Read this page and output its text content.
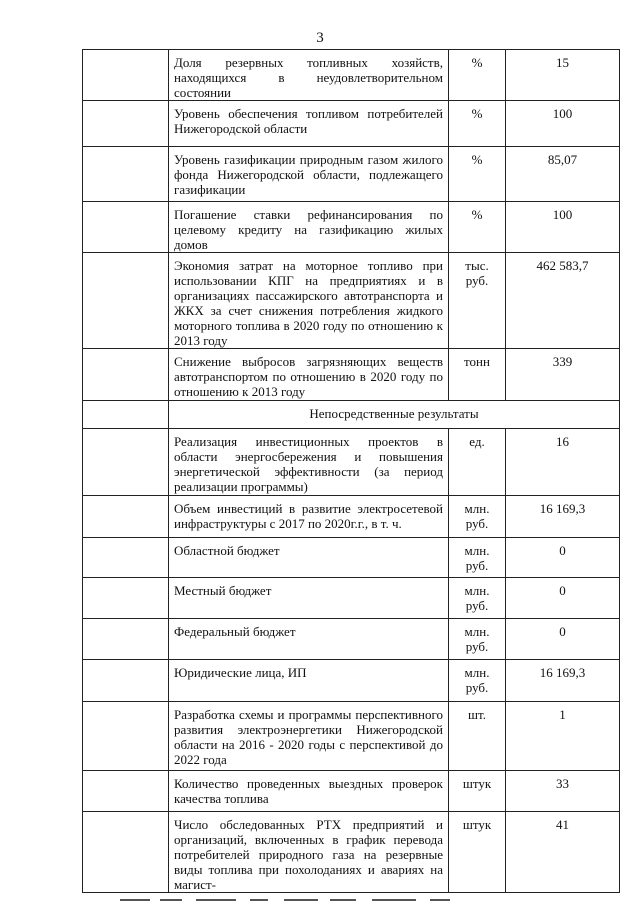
3
	Доля резервных топливных хозяйств, находящихся в неудовлетворительном состоянии	%	15
	Уровень обеспечения топливом потребителей Нижегородской области	%	100
	Уровень газификации природным газом жилого фонда Нижегородской области, подлежащего газификации	%	85,07
	Погашение ставки рефинансирования по целевому кредиту на газификацию жилых домов	%	100
	Экономия затрат на моторное топливо при использовании КПГ на предприятиях и в организациях пассажирского автотранспорта и ЖКХ за счет снижения потребления жидкого моторного топлива в 2020 году по отношению к 2013 году	тыс. руб.	462 583,7
	Снижение выбросов загрязняющих веществ автотранспортом по отношению в 2020 году по отношению к 2013 году	тонн	339
	Непосредственные результаты		
	Реализация инвестиционных проектов в области энергосбережения и повышения энергетической эффективности (за период реализации программы)	ед.	16
	Объем инвестиций в развитие электросетевой инфраструктуры с 2017 по 2020г.г., в т. ч.	млн. руб.	16 169,3
	Областной бюджет	млн. руб.	0
	Местный бюджет	млн. руб.	0
	Федеральный бюджет	млн. руб.	0
	Юридические лица, ИП	млн. руб.	16 169,3
	Разработка схемы и программы перспективного развития электроэнергетики Нижегородской области на 2016 - 2020 годы с перспективой до 2022 года	шт.	1
	Количество проведенных выездных проверок качества топлива	штук	33
	Число обследованных РТХ предприятий и организаций, включенных в график перевода потребителей природного газа на резервные виды топлива при похолоданиях и авариях на магист-	штук	41
